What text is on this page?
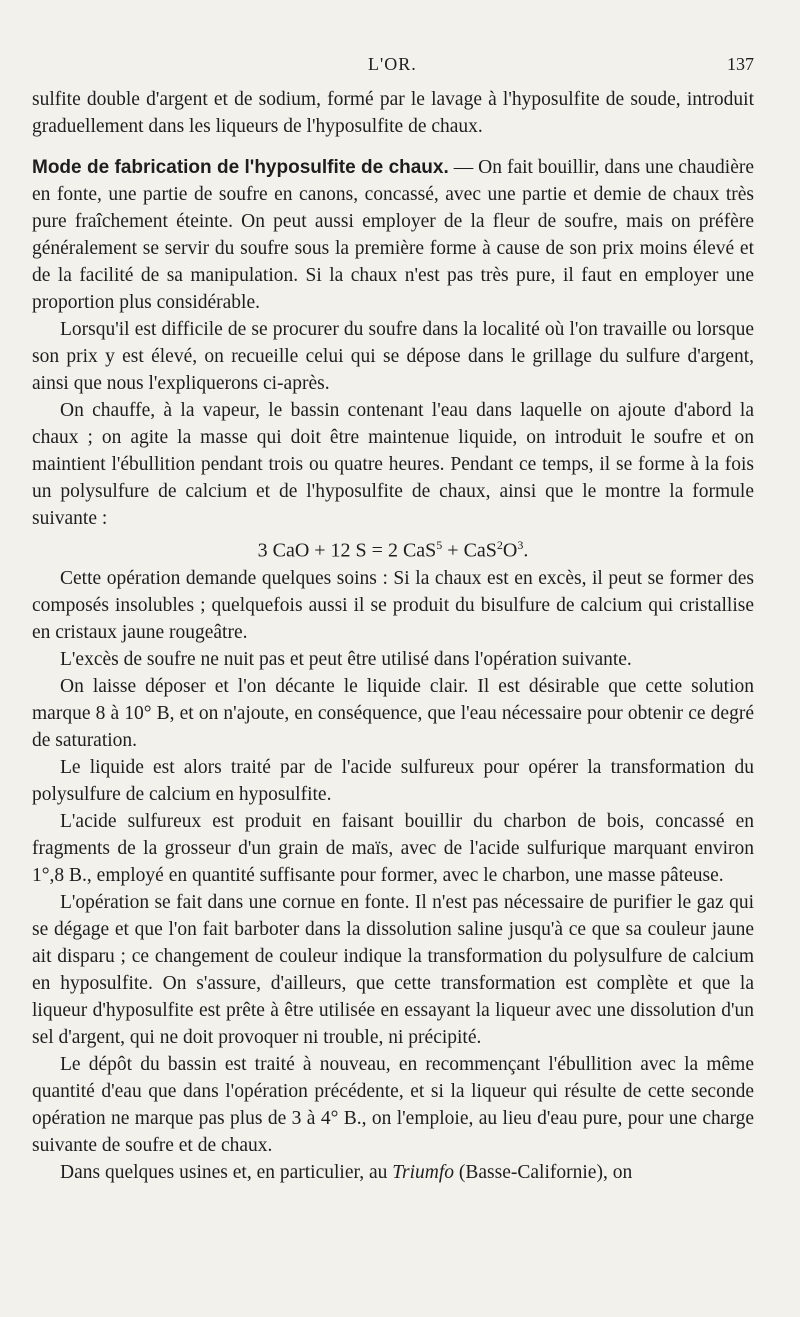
L'OR.	137

sulfite double d'argent et de sodium, formé par le lavage à l'hyposulfite de soude, introduit graduellement dans les liqueurs de l'hyposulfite de chaux.

Mode de fabrication de l'hyposulfite de chaux. — On fait bouillir, dans une chaudière en fonte, une partie de soufre en canons, concassé, avec une partie et demie de chaux très pure fraîchement éteinte. On peut aussi employer de la fleur de soufre, mais on préfère généralement se servir du soufre sous la première forme à cause de son prix moins élevé et de la facilité de sa manipulation. Si la chaux n'est pas très pure, il faut en employer une proportion plus considérable.

Lorsqu'il est difficile de se procurer du soufre dans la localité où l'on travaille ou lorsque son prix y est élevé, on recueille celui qui se dépose dans le grillage du sulfure d'argent, ainsi que nous l'expliquerons ci-après.

On chauffe, à la vapeur, le bassin contenant l'eau dans laquelle on ajoute d'abord la chaux ; on agite la masse qui doit être maintenue liquide, on introduit le soufre et on maintient l'ébullition pendant trois ou quatre heures. Pendant ce temps, il se forme à la fois un polysulfure de calcium et de l'hyposulfite de chaux, ainsi que le montre la formule suivante :

3 CaO + 12 S = 2 $CaS^5 + CaS^2O^3$.

Cette opération demande quelques soins : Si la chaux est en excès, il peut se former des composés insolubles ; quelquefois aussi il se produit du bisulfure de calcium qui cristallise en cristaux jaune rougeâtre.

L'excès de soufre ne nuit pas et peut être utilisé dans l'opération suivante.

On laisse déposer et l'on décante le liquide clair. Il est désirable que cette solution marque 8 à 10° B, et on n'ajoute, en conséquence, que l'eau nécessaire pour obtenir ce degré de saturation.

Le liquide est alors traité par de l'acide sulfureux pour opérer la transformation du polysulfure de calcium en hyposulfite.

L'acide sulfureux est produit en faisant bouillir du charbon de bois, concassé en fragments de la grosseur d'un grain de maïs, avec de l'acide sulfurique marquant environ 1°,8 B., employé en quantité suffisante pour former, avec le charbon, une masse pâteuse.

L'opération se fait dans une cornue en fonte. Il n'est pas nécessaire de purifier le gaz qui se dégage et que l'on fait barboter dans la dissolution saline jusqu'à ce que sa couleur jaune ait disparu ; ce changement de couleur indique la transformation du polysulfure de calcium en hyposulfite. On s'assure, d'ailleurs, que cette transformation est complète et que la liqueur d'hyposulfite est prête à être utilisée en essayant la liqueur avec une dissolution d'un sel d'argent, qui ne doit provoquer ni trouble, ni précipité.

Le dépôt du bassin est traité à nouveau, en recommençant l'ébullition avec la même quantité d'eau que dans l'opération précédente, et si la liqueur qui résulte de cette seconde opération ne marque pas plus de 3 à 4° B., on l'emploie, au lieu d'eau pure, pour une charge suivante de soufre et de chaux.

Dans quelques usines et, en particulier, au Triumfo (Basse-Californie), on
